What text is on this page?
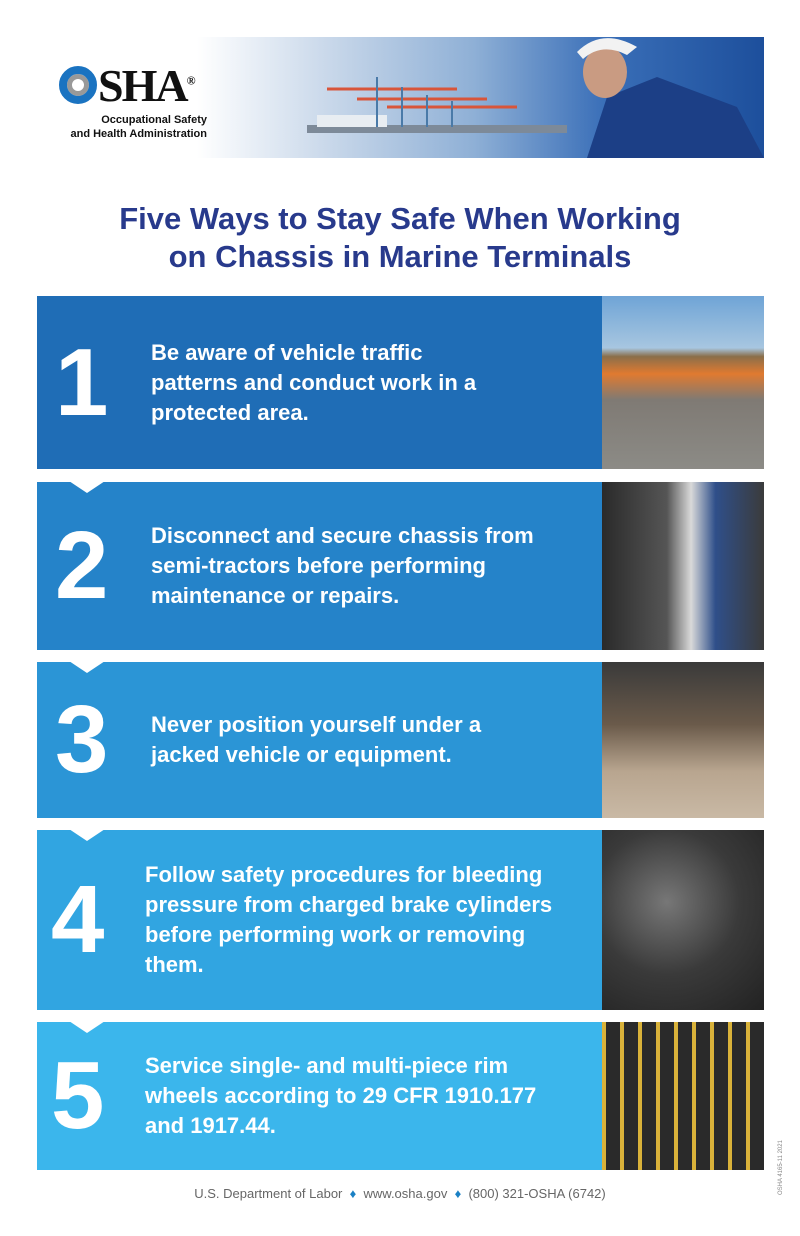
SHA®
Occupational Safety
and Health Administration
Five Ways to Stay Safe When Working
on Chassis in Marine Terminals
1 Be aware of vehicle traffic patterns and conduct work in a protected area.
2 Disconnect and secure chassis from semi-tractors before performing maintenance or repairs.
3 Never position yourself under a jacked vehicle or equipment.
4 Follow safety procedures for bleeding pressure from charged brake cylinders before performing work or removing them.
5 Service single- and multi-piece rim wheels according to 29 CFR 1910.177 and 1917.44.
U.S. Department of Labor ♦ www.osha.gov ♦ (800) 321-OSHA (6742)	OSHA 4165-11 2021
